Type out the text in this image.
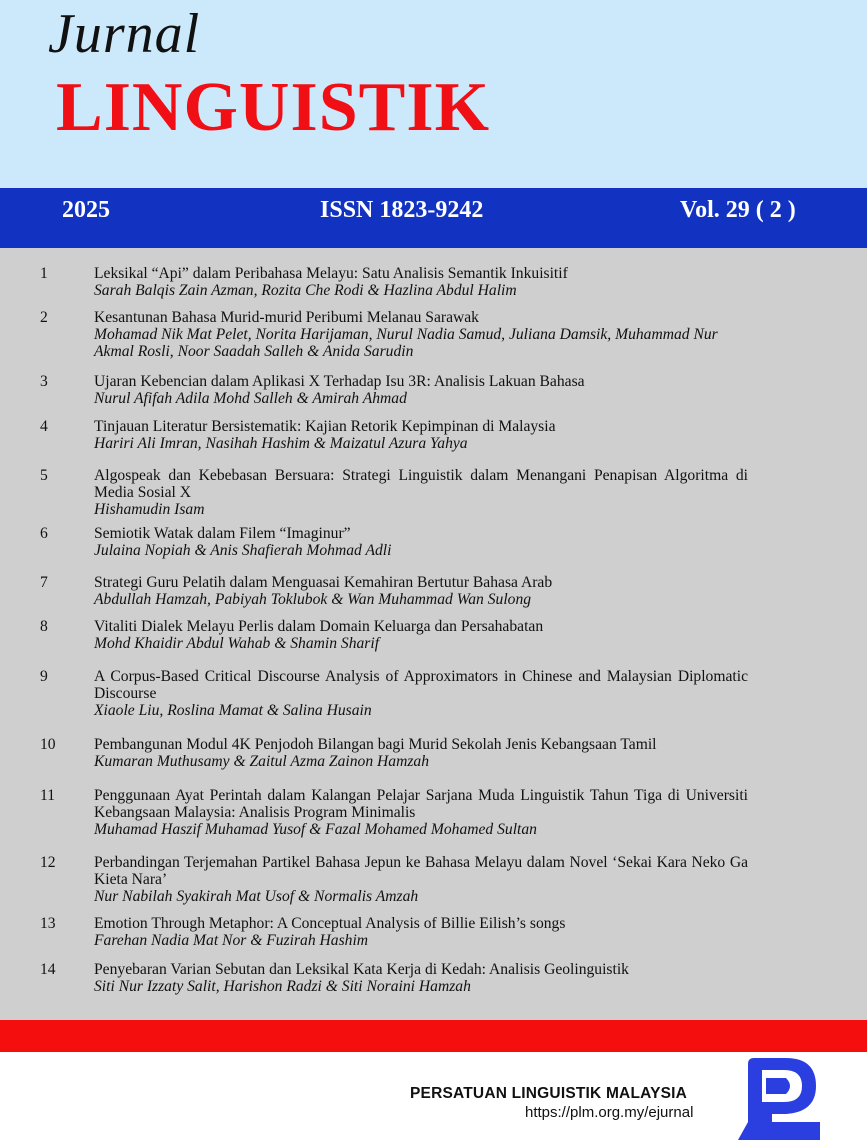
Jurnal
LINGUISTIK
2025	ISSN 1823-9242	Vol. 29 ( 2 )
1	Leksikal “Api” dalam Peribahasa Melayu: Satu Analisis Semantik Inkuisitif
Sarah Balqis Zain Azman, Rozita Che Rodi & Hazlina Abdul Halim
2	Kesantunan Bahasa Murid-murid Peribumi Melanau Sarawak
Mohamad Nik Mat Pelet, Norita Harijaman, Nurul Nadia Samud, Juliana Damsik, Muhammad Nur Akmal Rosli, Noor Saadah Salleh & Anida Sarudin
3	Ujaran Kebencian dalam Aplikasi X Terhadap Isu 3R: Analisis Lakuan Bahasa
Nurul Afifah Adila Mohd Salleh & Amirah Ahmad
4	Tinjauan Literatur Bersistematik: Kajian Retorik Kepimpinan di Malaysia
Hariri Ali Imran, Nasihah Hashim & Maizatul Azura Yahya
5	Algospeak dan Kebebasan Bersuara: Strategi Linguistik dalam Menangani Penapisan Algoritma di Media Sosial X
Hishamudin Isam
6	Semiotik Watak dalam Filem “Imaginur”
Julaina Nopiah & Anis Shafierah Mohmad Adli
7	Strategi Guru Pelatih dalam Menguasai Kemahiran Bertutur Bahasa Arab
Abdullah Hamzah, Pabiyah Toklubok & Wan Muhammad Wan Sulong
8	Vitaliti Dialek Melayu Perlis dalam Domain Keluarga dan Persahabatan
Mohd Khaidir Abdul Wahab & Shamin Sharif
9	A Corpus-Based Critical Discourse Analysis of Approximators in Chinese and Malaysian Diplomatic Discourse
Xiaole Liu, Roslina Mamat & Salina Husain
10 Pembangunan Modul 4K Penjodoh Bilangan bagi Murid Sekolah Jenis Kebangsaan Tamil
Kumaran Muthusamy & Zaitul Azma Zainon Hamzah
11 Penggunaan Ayat Perintah dalam Kalangan Pelajar Sarjana Muda Linguistik Tahun Tiga di Universiti Kebangsaan Malaysia: Analisis Program Minimalis
Muhamad Haszif Muhamad Yusof & Fazal Mohamed Mohamed Sultan
12 Perbandingan Terjemahan Partikel Bahasa Jepun ke Bahasa Melayu dalam Novel ‘Sekai Kara Neko Ga Kieta Nara’
Nur Nabilah Syakirah Mat Usof & Normalis Amzah
13 Emotion Through Metaphor: A Conceptual Analysis of Billie Eilish’s songs
Farehan Nadia Mat Nor & Fuzirah Hashim
14 Penyebaran Varian Sebutan dan Leksikal Kata Kerja di Kedah: Analisis Geolinguistik
Siti Nur Izzaty Salit, Harishon Radzi & Siti Noraini Hamzah
PERSATUAN LINGUISTIK MALAYSIA
https://plm.org.my/ejurnal
